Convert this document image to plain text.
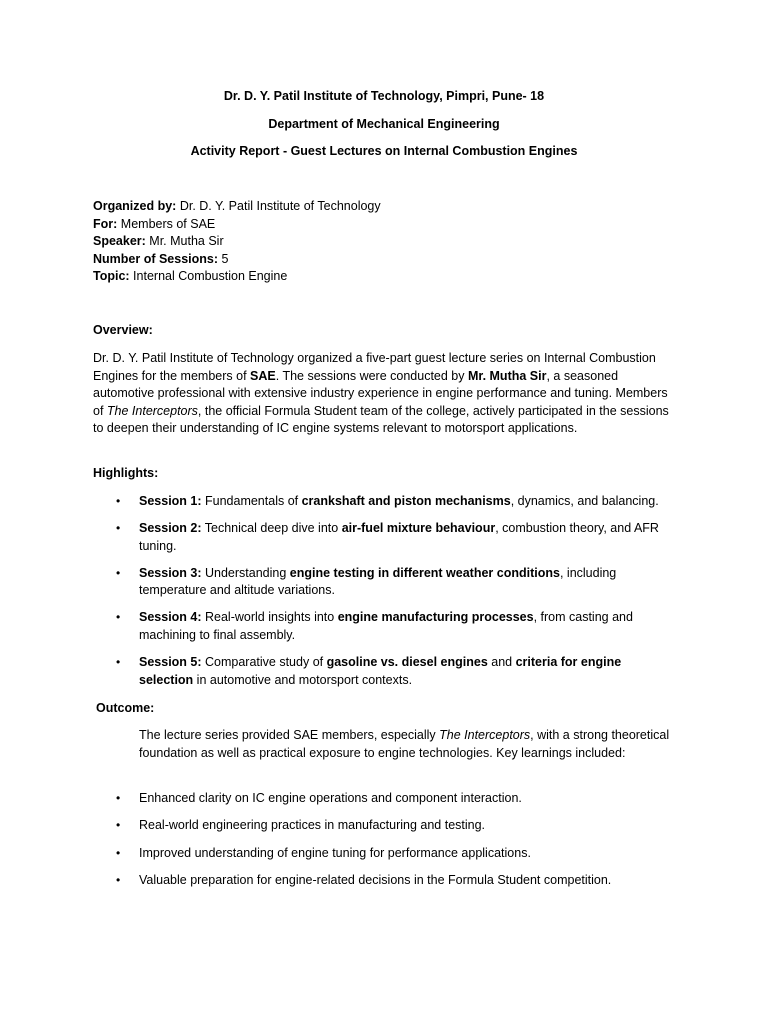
Dr. D. Y. Patil Institute of Technology, Pimpri, Pune- 18
Department of Mechanical Engineering
Activity Report - Guest Lectures on Internal Combustion Engines
Organized by: Dr. D. Y. Patil Institute of Technology
For: Members of SAE
Speaker: Mr. Mutha Sir
Number of Sessions: 5
Topic: Internal Combustion Engine
Overview:
Dr. D. Y. Patil Institute of Technology organized a five-part guest lecture series on Internal Combustion Engines for the members of SAE. The sessions were conducted by Mr. Mutha Sir, a seasoned automotive professional with extensive industry experience in engine performance and tuning. Members of The Interceptors, the official Formula Student team of the college, actively participated in the sessions to deepen their understanding of IC engine systems relevant to motorsport applications.
Highlights:
• Session 1: Fundamentals of crankshaft and piston mechanisms, dynamics, and balancing.
• Session 2: Technical deep dive into air-fuel mixture behaviour, combustion theory, and AFR tuning.
• Session 3: Understanding engine testing in different weather conditions, including temperature and altitude variations.
• Session 4: Real-world insights into engine manufacturing processes, from casting and machining to final assembly.
• Session 5: Comparative study of gasoline vs. diesel engines and criteria for engine selection in automotive and motorsport contexts.
Outcome:
The lecture series provided SAE members, especially The Interceptors, with a strong theoretical foundation as well as practical exposure to engine technologies. Key learnings included:
• Enhanced clarity on IC engine operations and component interaction.
• Real-world engineering practices in manufacturing and testing.
• Improved understanding of engine tuning for performance applications.
• Valuable preparation for engine-related decisions in the Formula Student competition.
